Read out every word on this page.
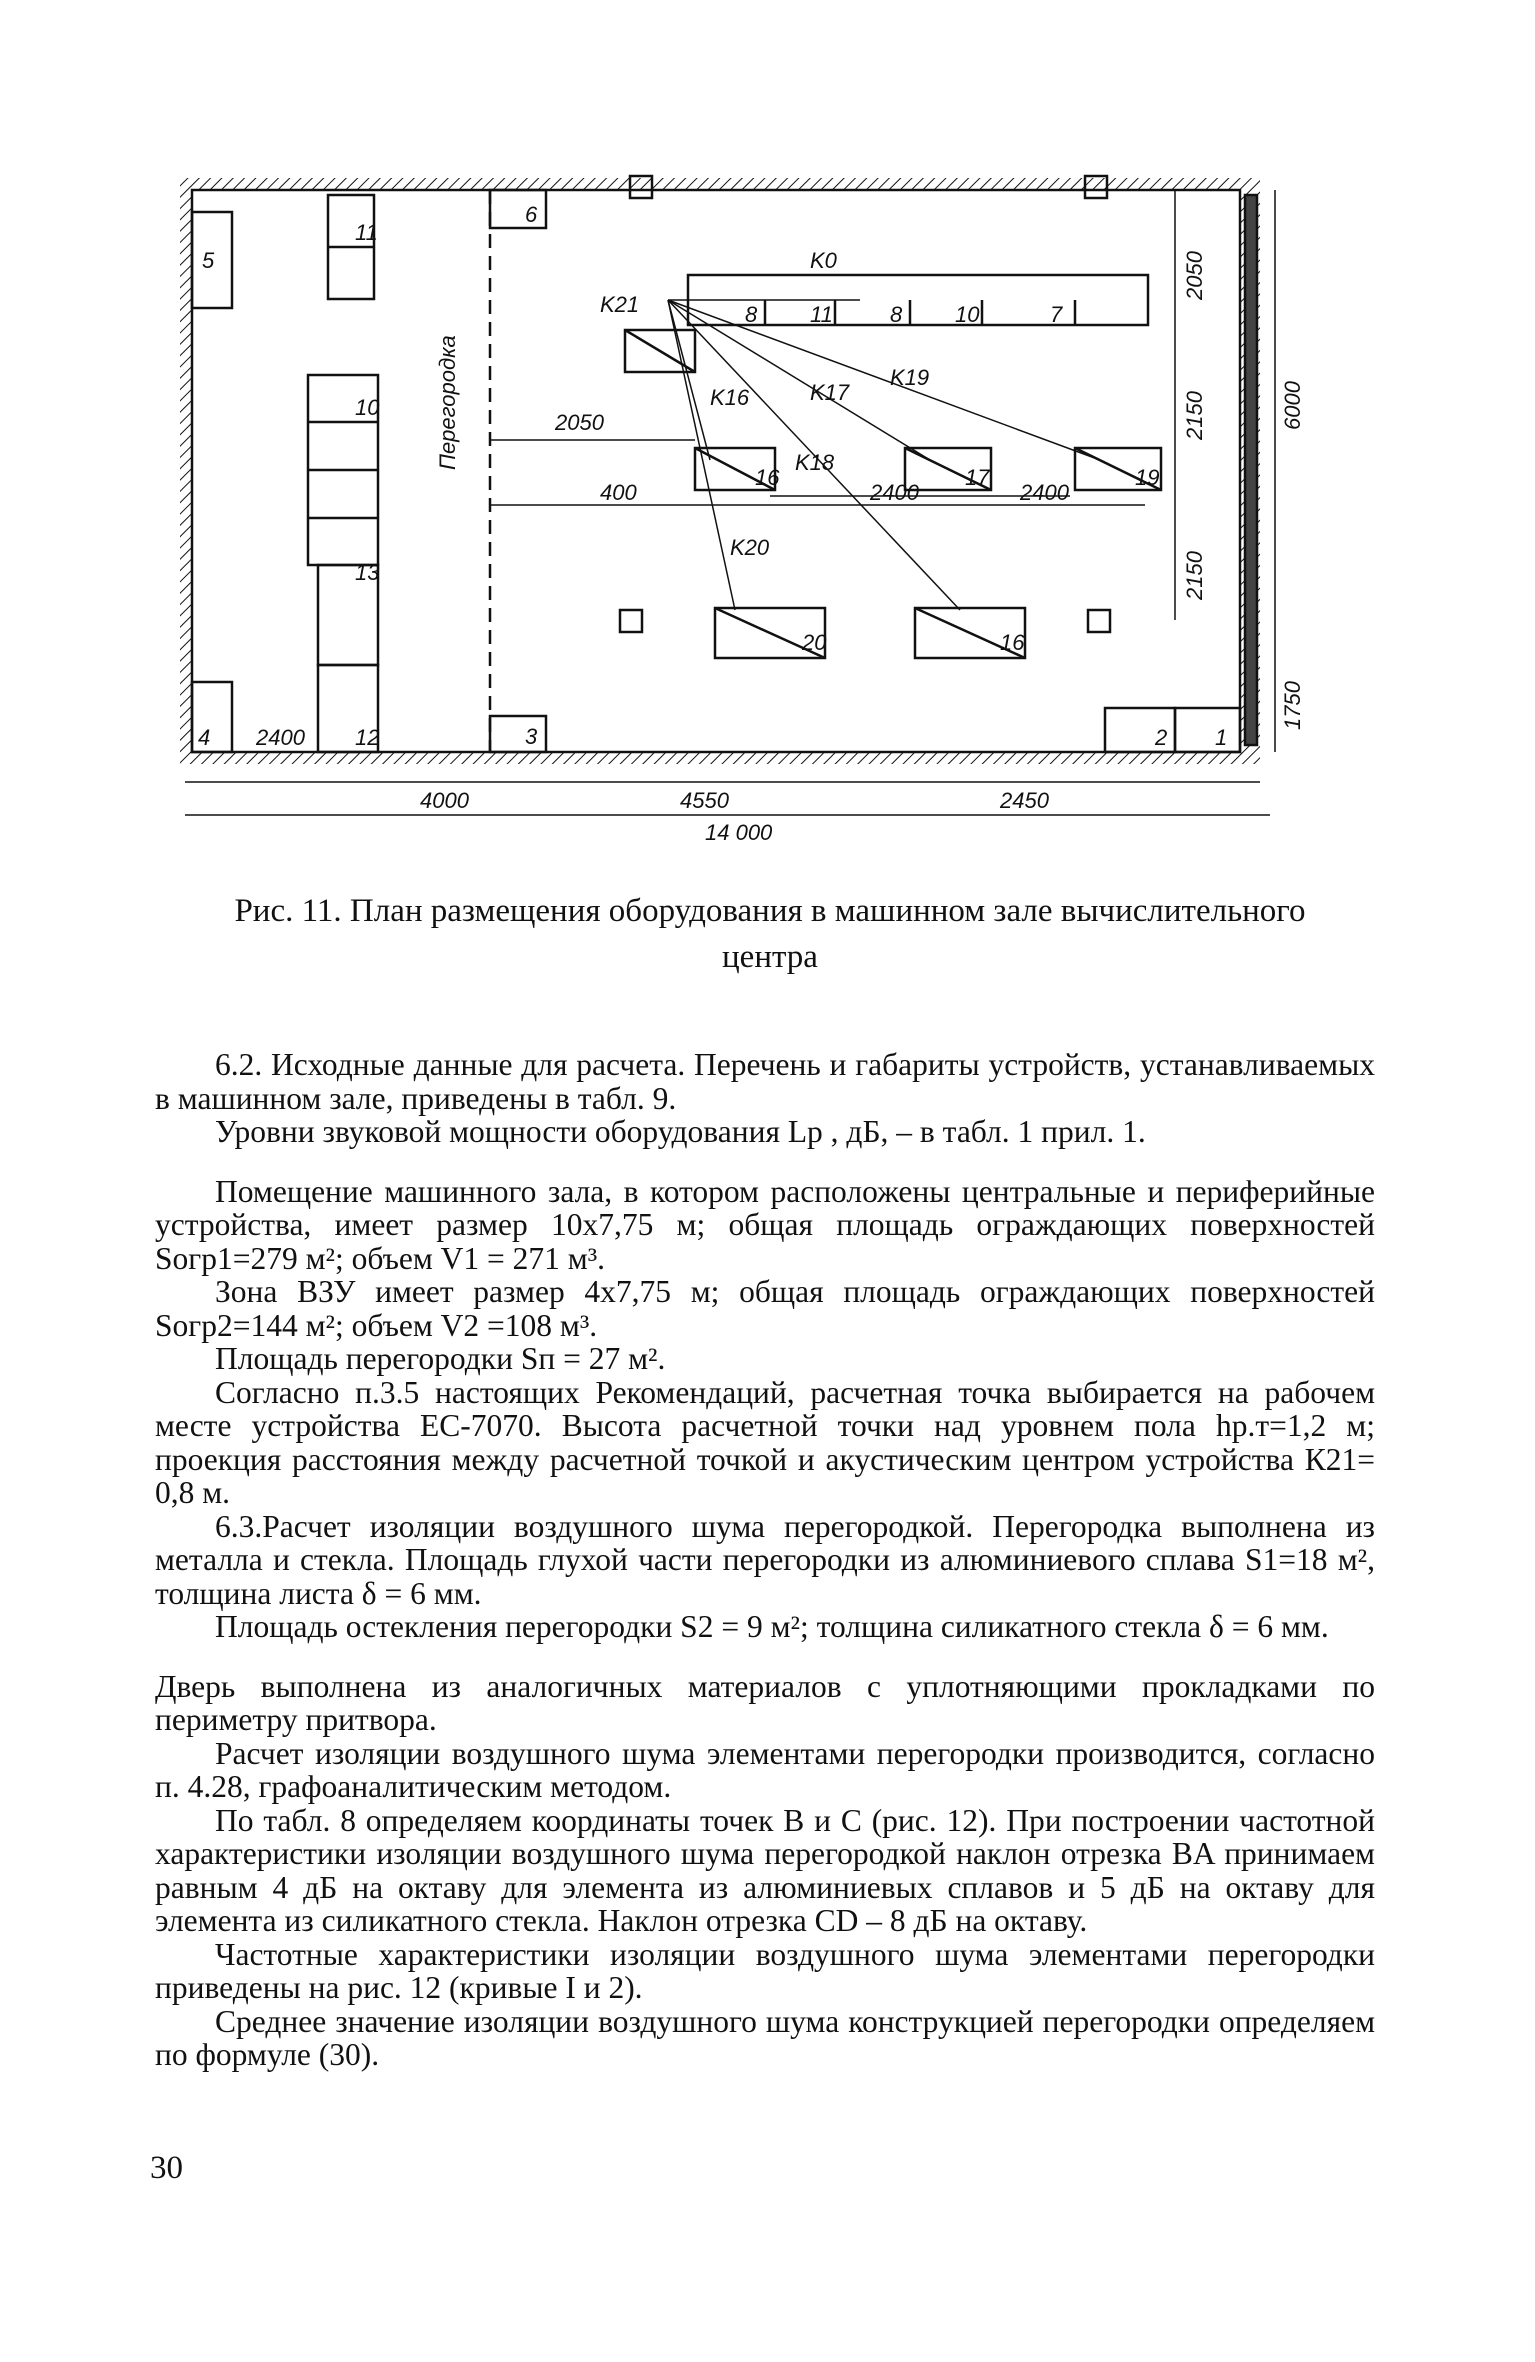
Перегородка
5
11
10
13
12
4
6
3
8 11	8 10	7
16	17	19
20	16
2 1
K0
K21
K16	K17
K18
K19
K20
2050
400	2400	2400
2400
2050
2150
2150
6000
1750
4000	4550	2450
14 000
Рис. 11. План размещения оборудования в машинном зале вычислительного
центра

6.2. Исходные данные для расчета. Перечень и габариты устройств, устанавливаемых в машинном зале, приведены в табл. 9.

Уровни звуковой мощности оборудования Lр , дБ, – в табл. 1 прил. 1.

Помещение машинного зала, в котором расположены центральные и периферийные устройства, имеет размер 10x7,75 м; общая площадь ограждающих поверхностей Sогр1=279 м²; объем V1 = 271 м³.

Зона ВЗУ имеет размер 4x7,75 м; общая площадь ограждающих поверхностей Sогр2=144 м²; объем V2 =108 м³.

Площадь перегородки Sп = 27 м².

Согласно п.3.5 настоящих Рекомендаций, расчетная точка выбирается на рабочем месте устройства ЕС-7070. Высота расчетной точки над уровнем пола hр.т=1,2 м; проекция расстояния между расчетной точкой и акустическим центром устройства К21= 0,8 м.

6.3.Расчет изоляции воздушного шума перегородкой. Перегородка выполнена из металла и стекла. Площадь глухой части перегородки из алюминиевого сплава S1=18 м², толщина листа δ = 6 мм.

Площадь остекления перегородки S2 = 9 м²; толщина силикатного стекла δ = 6 мм.

Дверь выполнена из аналогичных материалов с уплотняющими прокладками по периметру притвора.

Расчет изоляции воздушного шума элементами перегородки производится, согласно п. 4.28, графоаналитическим методом.

По табл. 8 определяем координаты точек B и C (рис. 12). При построении частотной характеристики изоляции воздушного шума перегородкой наклон отрезка BA принимаем равным 4 дБ на октаву для элемента из алюминиевых сплавов и 5 дБ на октаву для элемента из силикатного стекла. Наклон отрезка CD – 8 дБ на октаву.

Частотные характеристики изоляции воздушного шума элементами перегородки приведены на рис. 12 (кривые I и 2).

Среднее значение изоляции воздушного шума конструкцией перегородки определяем по формуле (30).

30
